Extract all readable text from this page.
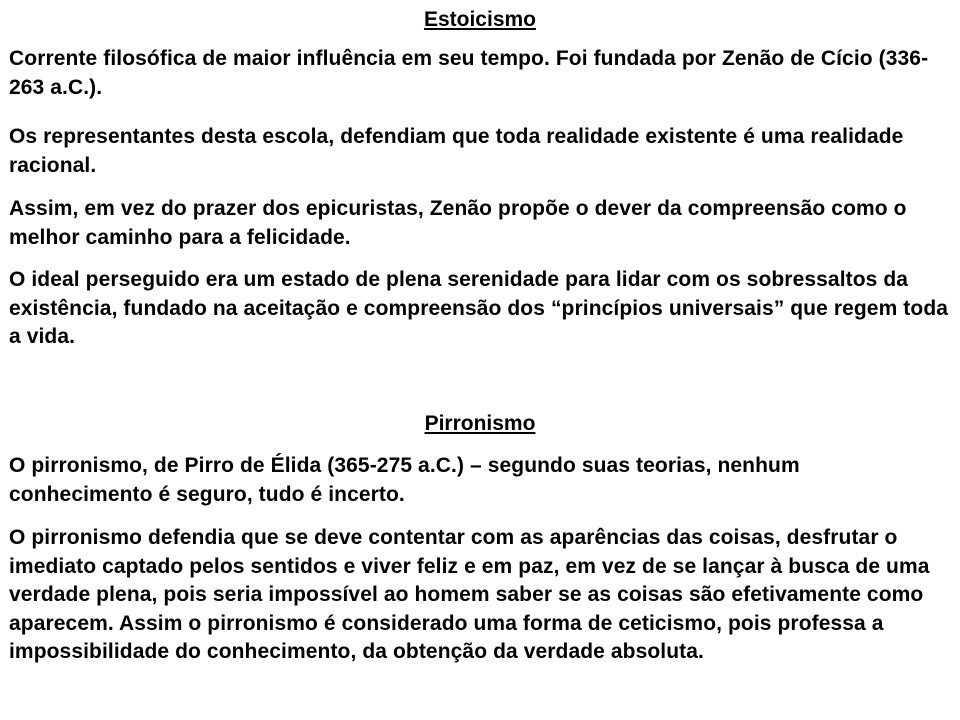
Estoicismo
Corrente filosófica de maior influência em seu tempo. Foi fundada por Zenão de Cício (336-263 a.C.).
Os representantes desta escola, defendiam que toda realidade existente é uma realidade racional.
Assim, em vez do prazer dos epicuristas, Zenão propõe o dever da compreensão como o melhor caminho para a felicidade.
O ideal perseguido era um estado de plena serenidade para lidar com os sobressaltos da existência, fundado na aceitação e compreensão dos “princípios universais” que regem toda a vida.
Pirronismo
O pirronismo, de Pirro de Élida (365-275 a.C.) – segundo suas teorias, nenhum conhecimento é seguro, tudo é incerto.
O pirronismo defendia que se deve contentar com as aparências das coisas, desfrutar o imediato captado pelos sentidos e viver feliz e em paz, em vez de se lançar à busca de uma verdade plena, pois seria impossível ao homem saber se as coisas são efetivamente como aparecem. Assim o pirronismo é considerado uma forma de ceticismo, pois professa a impossibilidade do conhecimento, da obtenção da verdade absoluta.
